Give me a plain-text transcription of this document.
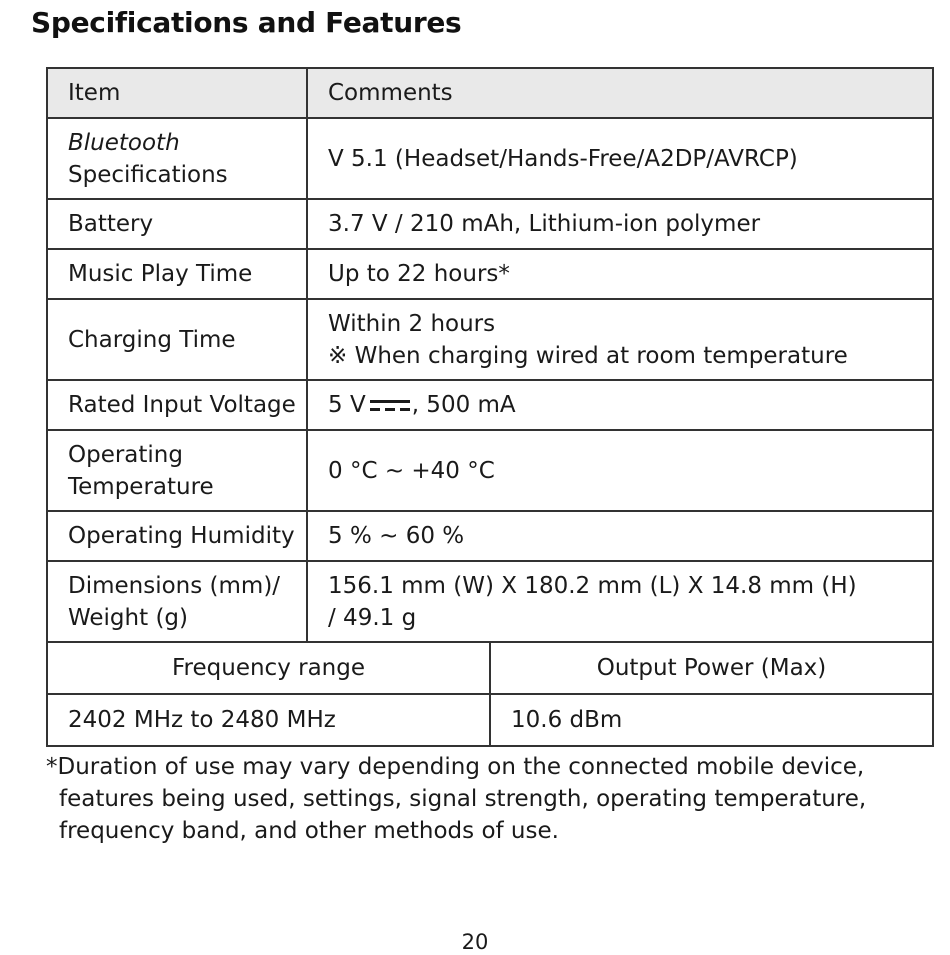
Specifications and Features
Item	Comments
Bluetooth
Specifications	V 5.1 (Headset/Hands-Free/A2DP/AVRCP)
Battery	3.7 V / 210 mAh, Lithium-ion polymer
Music Play Time	Up to 22 hours*
Charging Time	Within 2 hours
※ When charging wired at room temperature
Rated Input Voltage	5 V , 500 mA
Operating
Temperature	0 °C ~ +40 °C
Operating Humidity	5 % ~ 60 %
Dimensions (mm)/
Weight (g)	156.1 mm (W) X 180.2 mm (L) X 14.8 mm (H)
/ 49.1 g
Frequency range	Output Power (Max)
2402 MHz to 2480 MHz	10.6 dBm

*Duration of use may vary depending on the connected mobile device, features being used, settings, signal strength, operating temperature, frequency band, and other methods of use.

20
